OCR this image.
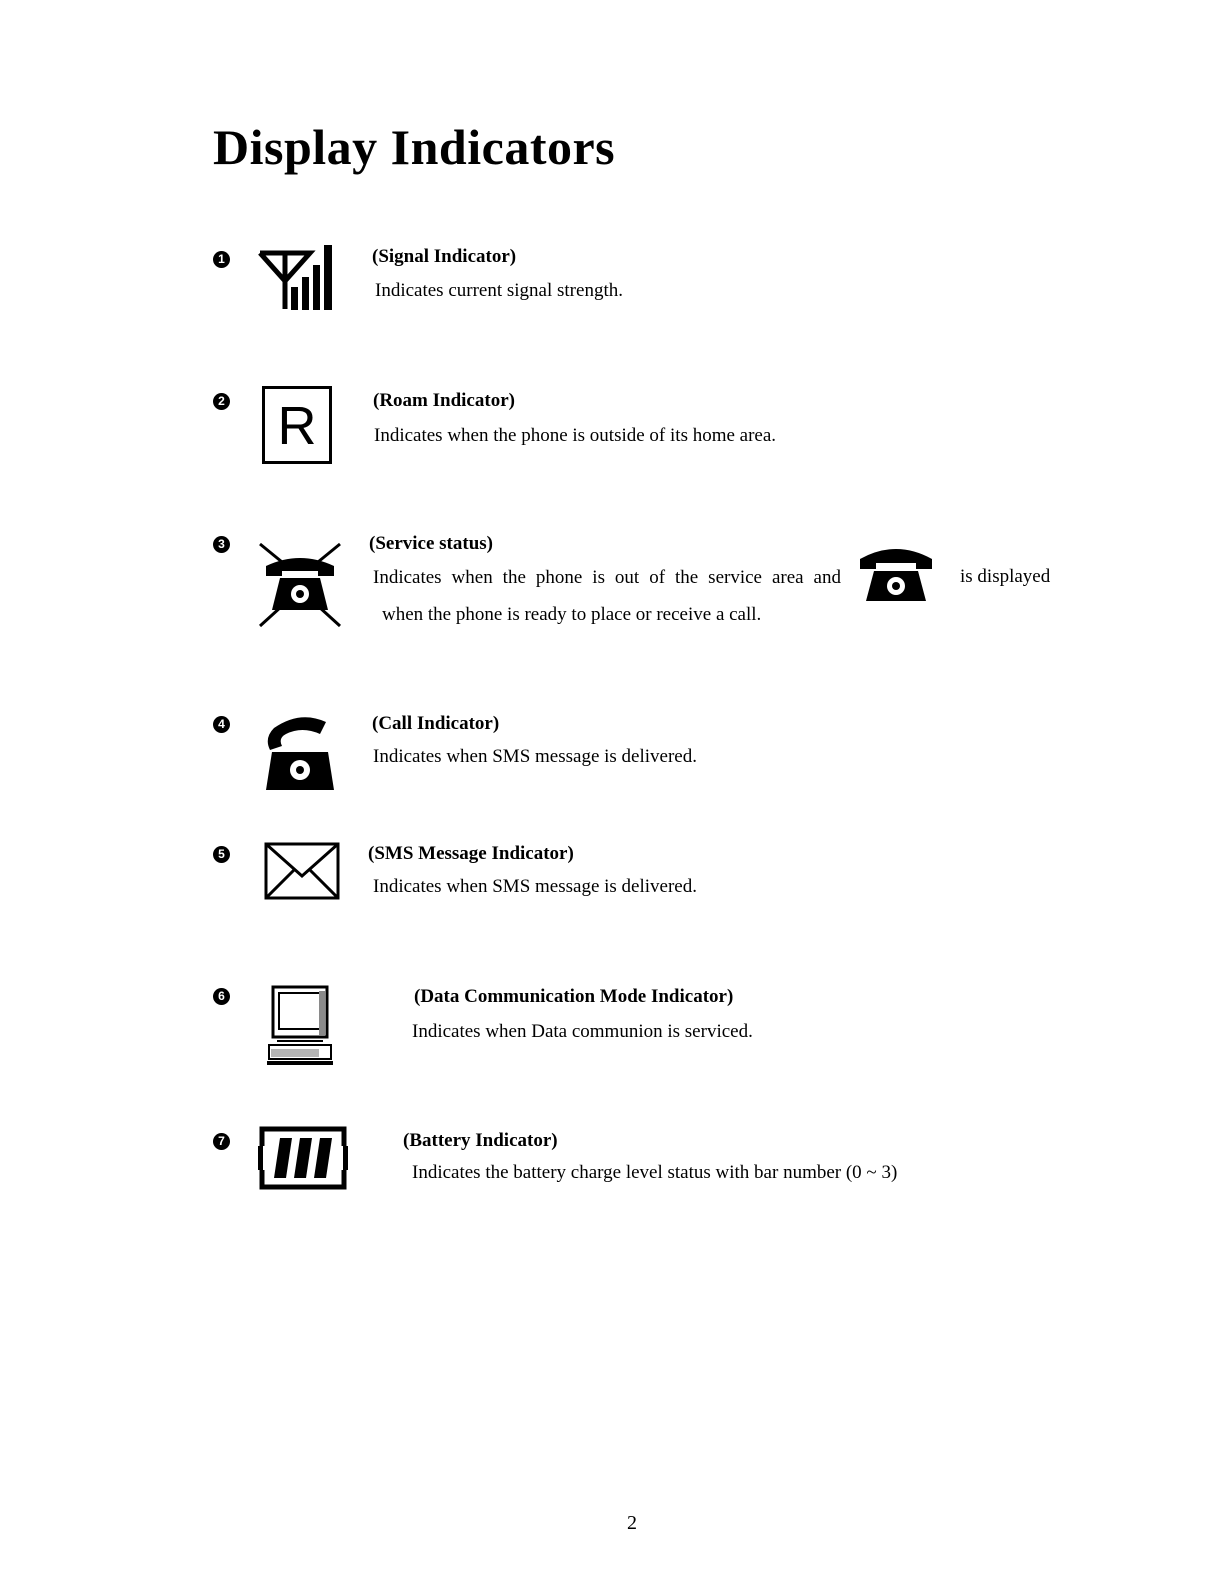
Display Indicators
1	(Signal Indicator)
Indicates current signal strength.
2 R	(Roam Indicator)
Indicates when the phone is outside of its home area.
3	(Service status)
Indicates when the phone is out of the service area and	is displayed
when the phone is ready to place or receive a call.
4	(Call Indicator)
Indicates when SMS message is delivered.
5	(SMS Message Indicator)
Indicates when SMS message is delivered.
6	(Data Communication Mode Indicator)
Indicates when Data communion is serviced.
7	(Battery Indicator)
Indicates the battery charge level status with bar number (0 ~ 3)
2
